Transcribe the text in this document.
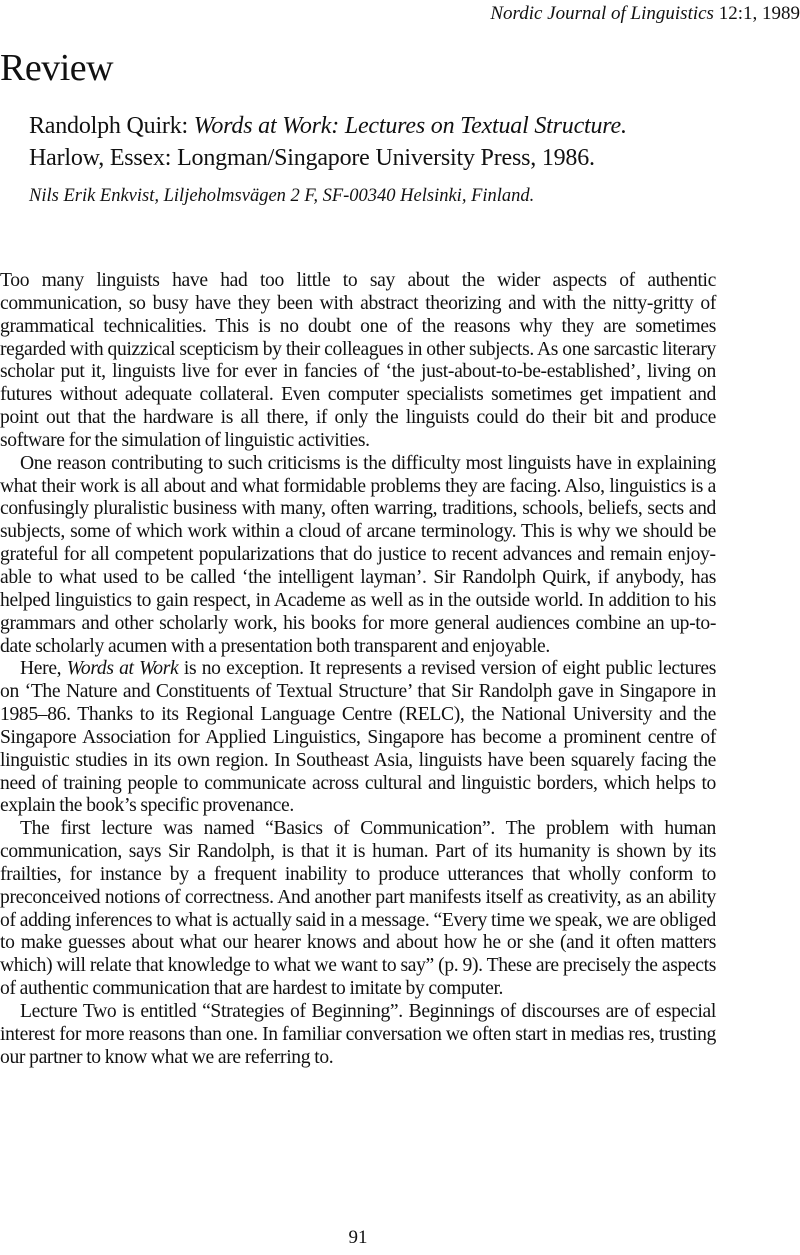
Nordic Journal of Linguistics 12:1, 1989
Review
Randolph Quirk: Words at Work: Lectures on Textual Structure.
Harlow, Essex: Longman/Singapore University Press, 1986.
Nils Erik Enkvist, Liljeholmsvägen 2 F, SF-00340 Helsinki, Finland.

Too many linguists have had too little to say about the wider aspects of authentic communication, so busy have they been with abstract theorizing and with the nitty-gritty of grammatical technicalities. This is no doubt one of the reasons why they are sometimes regarded with quizzical scepticism by their colleagues in other subjects. As one sarcastic literary scholar put it, linguists live for ever in fancies of ‘the just-about-to-be-established’, living on futures without adequate collateral. Even computer specialists sometimes get impatient and point out that the hardware is all there, if only the linguists could do their bit and produce software for the simulation of linguistic activities.

One reason contributing to such criticisms is the difficulty most linguists have in explaining what their work is all about and what formidable problems they are facing. Also, linguistics is a confusingly pluralistic business with many, often warring, traditions, schools, beliefs, sects and subjects, some of which work within a cloud of arcane terminology. This is why we should be grateful for all competent popularizations that do justice to recent advances and remain enjoyable to what used to be called ‘the intelligent layman’. Sir Randolph Quirk, if anybody, has helped linguistics to gain respect, in Academe as well as in the outside world. In addition to his grammars and other scholarly work, his books for more general audiences combine an up-to-date scholarly acumen with a presentation both transparent and enjoyable.

Here, Words at Work is no exception. It represents a revised version of eight public lectures on ‘The Nature and Constituents of Textual Structure’ that Sir Randolph gave in Singapore in 1985–86. Thanks to its Regional Language Centre (RELC), the National University and the Singapore Association for Applied Linguistics, Singapore has become a prominent centre of linguistic studies in its own region. In Southeast Asia, linguists have been squarely facing the need of training people to communicate across cultural and linguistic borders, which helps to explain the book’s specific provenance.

The first lecture was named “Basics of Communication”. The problem with human communication, says Sir Randolph, is that it is human. Part of its humanity is shown by its frailties, for instance by a frequent inability to produce utterances that wholly conform to preconceived notions of correctness. And another part manifests itself as creativity, as an ability of adding inferences to what is actually said in a message. “Every time we speak, we are obliged to make guesses about what our hearer knows and about how he or she (and it often matters which) will relate that knowledge to what we want to say” (p. 9). These are precisely the aspects of authentic communication that are hardest to imitate by computer.

Lecture Two is entitled “Strategies of Beginning”. Beginnings of discourses are of especial interest for more reasons than one. In familiar conversation we often start in medias res, trusting our partner to know what we are referring to.

91
